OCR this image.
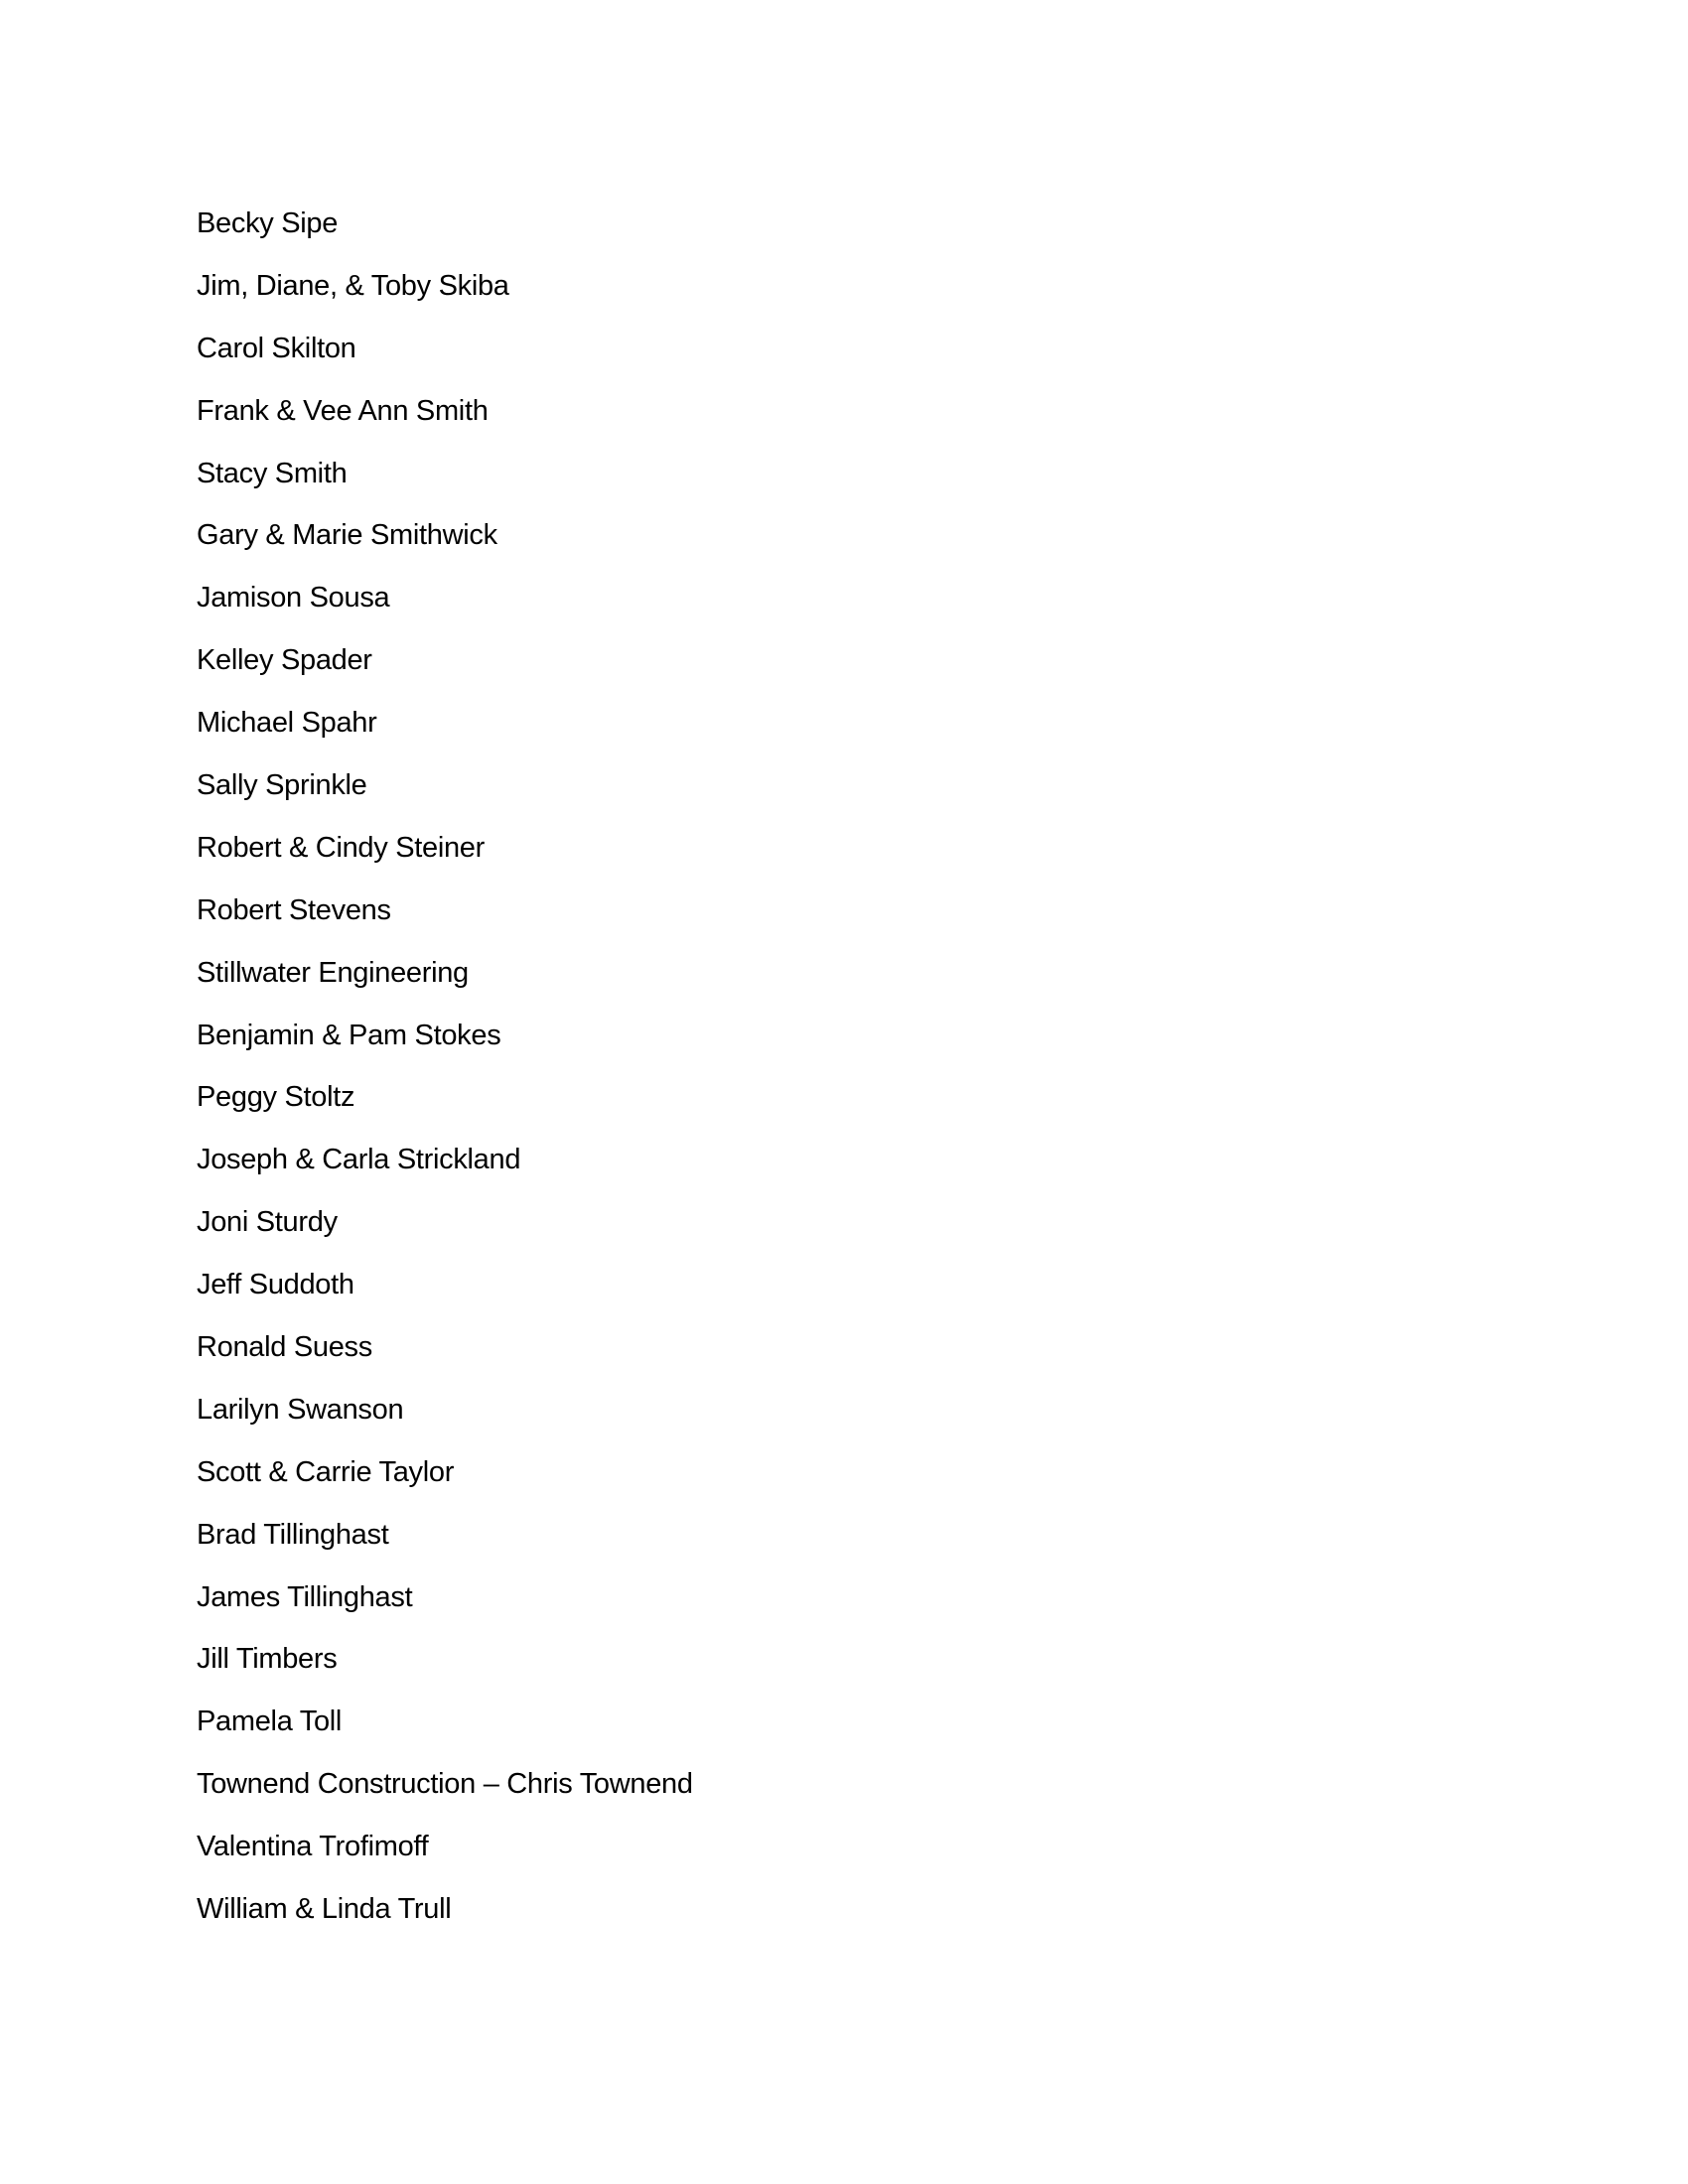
Becky Sipe
Jim, Diane, & Toby Skiba
Carol Skilton
Frank & Vee Ann Smith
Stacy Smith
Gary & Marie Smithwick
Jamison Sousa
Kelley Spader
Michael Spahr
Sally Sprinkle
Robert & Cindy Steiner
Robert Stevens
Stillwater Engineering
Benjamin & Pam Stokes
Peggy Stoltz
Joseph & Carla Strickland
Joni Sturdy
Jeff Suddoth
Ronald Suess
Larilyn Swanson
Scott & Carrie Taylor
Brad Tillinghast
James Tillinghast
Jill Timbers
Pamela Toll
Townend Construction – Chris Townend
Valentina Trofimoff
William & Linda Trull
